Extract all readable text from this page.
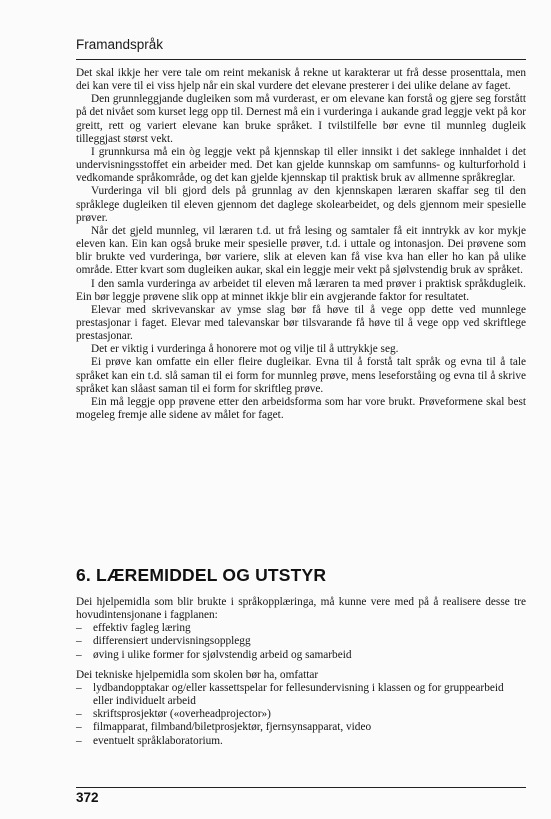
Framandspråk

Det skal ikkje her vere tale om reint mekanisk å rekne ut karakterar ut frå desse prosenttala, men dei kan vere til ei viss hjelp når ein skal vurdere det elevane presterer i dei ulike delane av faget.

Den grunnleggjande dugleiken som må vurderast, er om elevane kan forstå og gjere seg forstått på det nivået som kurset legg opp til. Dernest må ein i vurderinga i aukande grad leggje vekt på kor greitt, rett og variert elevane kan bruke språket. I tvilstilfelle bør evne til munnleg dugleik tilleggjast størst vekt.

I grunnkursa må ein òg leggje vekt på kjennskap til eller innsikt i det saklege innhaldet i det undervisningsstoffet ein arbeider med. Det kan gjelde kunnskap om samfunns- og kulturforhold i vedkomande språkområde, og det kan gjelde kjennskap til praktisk bruk av allmenne språkreglar.

Vurderinga vil bli gjord dels på grunnlag av den kjennskapen læraren skaffar seg til den språklege dugleiken til eleven gjennom det daglege skolearbeidet, og dels gjennom meir spesielle prøver.

Når det gjeld munnleg, vil læraren t.d. ut frå lesing og samtaler få eit inntrykk av kor mykje eleven kan. Ein kan også bruke meir spesielle prøver, t.d. i uttale og intonasjon. Dei prøvene som blir brukte ved vurderinga, bør variere, slik at eleven kan få vise kva han eller ho kan på ulike område. Etter kvart som dugleiken aukar, skal ein leggje meir vekt på sjølvstendig bruk av språket.

I den samla vurderinga av arbeidet til eleven må læraren ta med prøver i praktisk språkdugleik. Ein bør leggje prøvene slik opp at minnet ikkje blir ein avgjerande faktor for resultatet.

Elevar med skrivevanskar av ymse slag bør få høve til å vege opp dette ved munnlege prestasjonar i faget. Elevar med talevanskar bør tilsvarande få høve til å vege opp ved skriftlege prestasjonar.

Det er viktig i vurderinga å honorere mot og vilje til å uttrykkje seg.

Ei prøve kan omfatte ein eller fleire dugleikar. Evna til å forstå talt språk og evna til å tale språket kan ein t.d. slå saman til ei form for munnleg prøve, mens leseforståing og evna til å skrive språket kan slåast saman til ei form for skriftleg prøve.

Ein må leggje opp prøvene etter den arbeidsforma som har vore brukt. Prøveformene skal best mogeleg fremje alle sidene av målet for faget.

6. LÆREMIDDEL OG UTSTYR

Dei hjelpemidla som blir brukte i språkopplæringa, må kunne vere med på å realisere desse tre hovudintensjonane i fagplanen:

– effektiv fagleg læring
– differensiert undervisningsopplegg
– øving i ulike former for sjølvstendig arbeid og samarbeid

Dei tekniske hjelpemidla som skolen bør ha, omfattar

– lydbandopptakar og/eller kassettspelar for fellesundervisning i klassen og for gruppearbeid eller individuelt arbeid
– skriftsprosjektør («overheadprojector»)
– filmapparat, filmband/biletprosjektør, fjernsynsapparat, video
– eventuelt språklaboratorium.
372
